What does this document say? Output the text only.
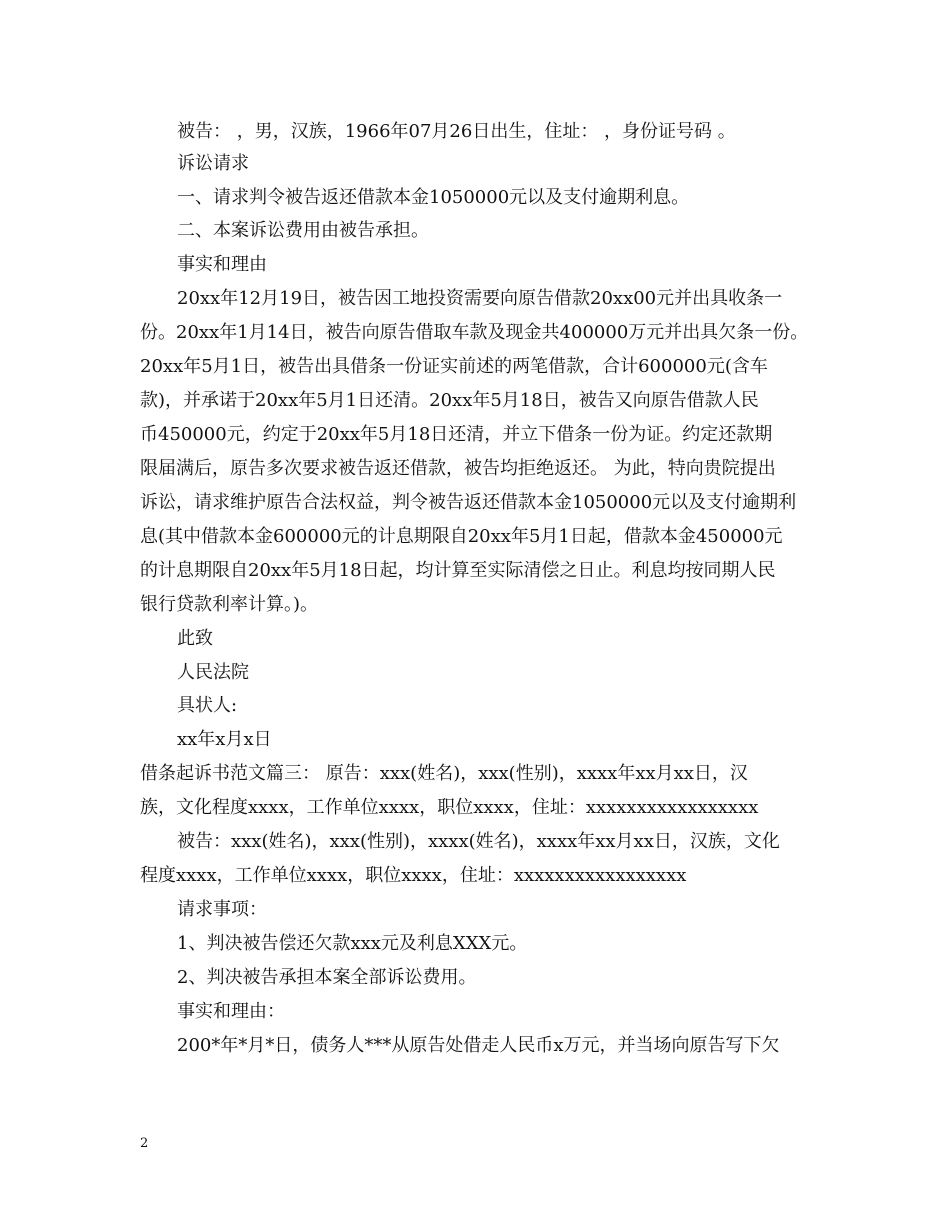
被告： ，男，汉族，1966年07月26日出生，住址： ，身份证号码 。
诉讼请求
一、请求判令被告返还借款本金1050000元以及支付逾期利息。
二、本案诉讼费用由被告承担。
事实和理由
20xx年12月19日，被告因工地投资需要向原告借款20xx00元并出具收条一
份。20xx年1月14日，被告向原告借取车款及现金共400000万元并出具欠条一份。
20xx年5月1日，被告出具借条一份证实前述的两笔借款，合计600000元(含车
款)，并承诺于20xx年5月1日还清。20xx年5月18日，被告又向原告借款人民
币450000元，约定于20xx年5月18日还清，并立下借条一份为证。约定还款期
限届满后，原告多次要求被告返还借款，被告均拒绝返还。 为此，特向贵院提出
诉讼，请求维护原告合法权益，判令被告返还借款本金1050000元以及支付逾期利
息(其中借款本金600000元的计息期限自20xx年5月1日起，借款本金450000元
的计息期限自20xx年5月18日起，均计算至实际清偿之日止。利息均按同期人民
银行贷款利率计算。)。
此致
人民法院
具状人:
xx年x月x日
借条起诉书范文篇三： 原告：xxx(姓名)，xxx(性别)，xxxx年xx月xx日，汉
族，文化程度xxxx，工作单位xxxx，职位xxxx，住址：xxxxxxxxxxxxxxxxx
被告：xxx(姓名)，xxx(性别)，xxxx(姓名)，xxxx年xx月xx日，汉族，文化
程度xxxx，工作单位xxxx，职位xxxx，住址：xxxxxxxxxxxxxxxxx
请求事项：
1、判决被告偿还欠款xxx元及利息XXX元。
2、判决被告承担本案全部诉讼费用。
事实和理由：
200*年*月*日，债务人***从原告处借走人民币x万元，并当场向原告写下欠
2
